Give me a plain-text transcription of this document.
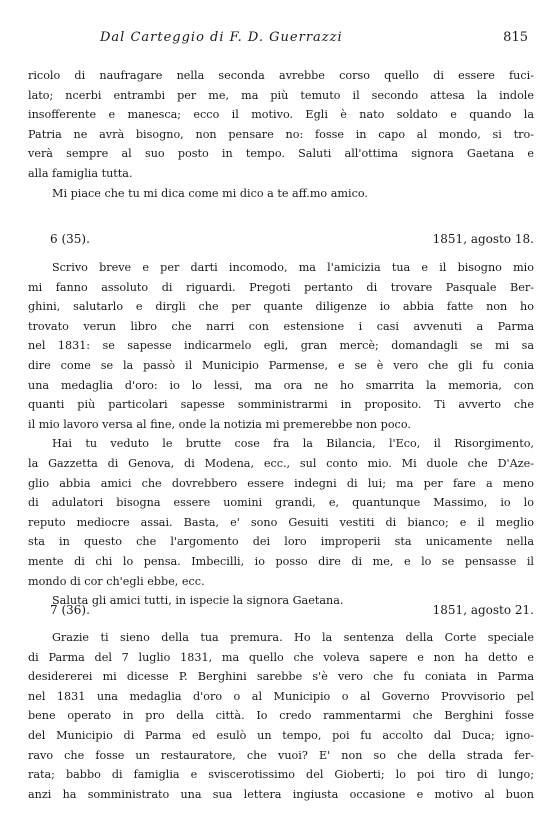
Dal Carteggio di F. D. Guerrazzi	815
ricolo di naufragare nella seconda avrebbe corso quello di essere fuci-
lato; ncerbi entrambi per me, ma più temuto il secondo attesa la indole
insofferente e manesca; ecco il motivo. Egli è nato soldato e quando la
Patria ne avrà bisogno, non pensare no: fosse in capo al mondo, si tro-
verà sempre al suo posto in tempo. Saluti all'ottima signora Gaetana e
alla famiglia tutta.
Mi piace che tu mi dica come mi dico a te aff.mo amico.
6 (35).	1851, agosto 18.
Scrivo breve e per darti incomodo, ma l'amicizia tua e il bisogno mio
mi fanno assoluto di riguardi. Pregoti pertanto di trovare Pasquale Ber-
ghini, salutarlo e dirgli che per quante diligenze io abbia fatte non ho
trovato verun libro che narri con estensione i casi avvenuti a Parma
nel 1831: se sapesse indicarmelo egli, gran mercè; domandagli se mi sa
dire come se la passò il Municipio Parmense, e se è vero che gli fu conia
una medaglia d'oro: io lo lessi, ma ora ne ho smarrita la memoria, con
quanti più particolari sapesse somministrarmi in proposito. Ti avverto che
il mio lavoro versa al fine, onde la notizia mi premerebbe non poco.
Hai tu veduto le brutte cose fra la Bilancia, l'Eco, il Risorgimento,
la Gazzetta di Genova, di Modena, ecc., sul conto mio. Mi duole che D'Aze-
glio abbia amici che dovrebbero essere indegni di lui; ma per fare a meno
di adulatori bisogna essere uomini grandi, e, quantunque Massimo, io lo
reputo mediocre assai. Basta, e' sono Gesuiti vestiti di bianco; e il meglio
sta in questo che l'argomento dei loro improperii sta unicamente nella
mente di chi lo pensa. Imbecilli, io posso dire di me, e lo se pensasse il
mondo di cor ch'egli ebbe, ecc.
Saluta gli amici tutti, in ispecie la signora Gaetana.
7 (36).	1851, agosto 21.
Grazie ti sieno della tua premura. Ho la sentenza della Corte speciale
di Parma del 7 luglio 1831, ma quello che voleva sapere e non ha detto e
desidererei mi dicesse P. Berghini sarebbe s'è vero che fu coniata in Parma
nel 1831 una medaglia d'oro o al Municipio o al Governo Provvisorio pel
bene operato in pro della città. Io credo rammentarmi che Berghini fosse
del Municipio di Parma ed esulò un tempo, poi fu accolto dal Duca; igno-
ravo che fosse un restauratore, che vuoi? E' non so che della strada fer-
rata; babbo di famiglia e sviscerotissimo del Gioberti; lo poi tiro di lungo;
anzi ha somministrato una sua lettera ingiusta occasione e motivo al buon
